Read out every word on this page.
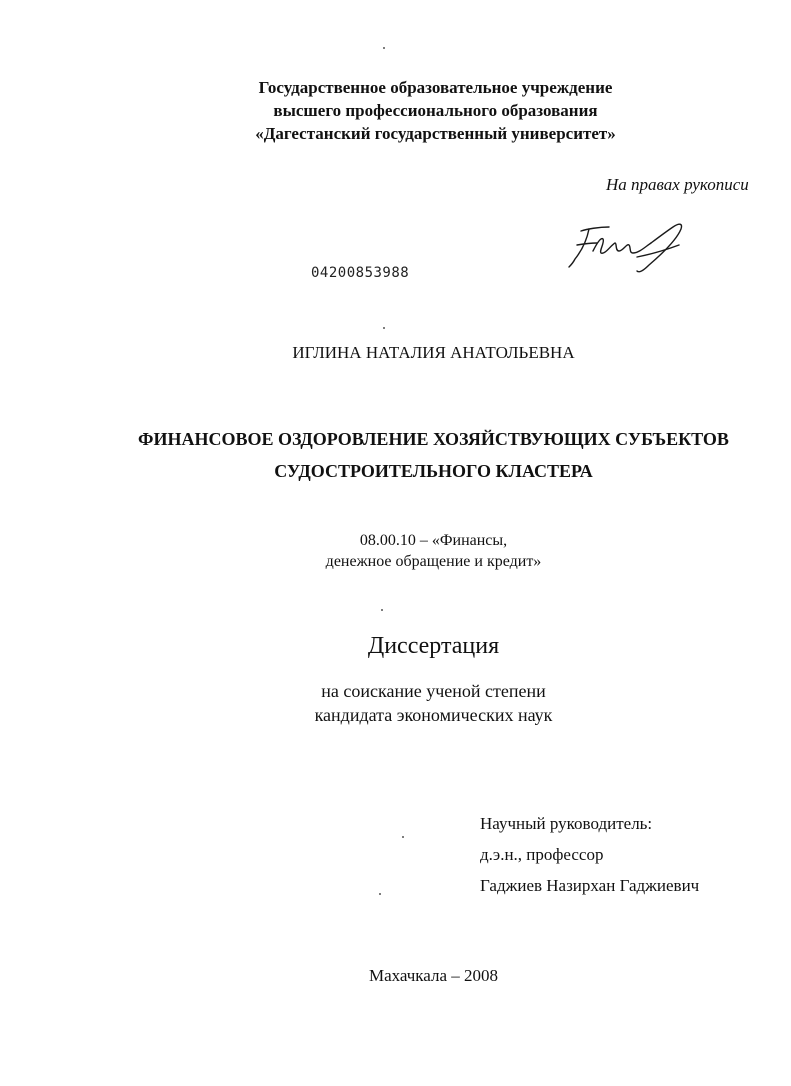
Государственное образовательное учреждение
высшего профессионального образования
«Дагестанский государственный университет»
На правах рукописи
04200853988
ИГЛИНА НАТАЛИЯ АНАТОЛЬЕВНА
ФИНАНСОВОЕ ОЗДОРОВЛЕНИЕ ХОЗЯЙСТВУЮЩИХ СУБЪЕКТОВ
СУДОСТРОИТЕЛЬНОГО КЛАСТЕРА
08.00.10 – «Финансы,
денежное обращение и кредит»
Диссертация
на соискание ученой степени
кандидата экономических наук
Научный руководитель:
д.э.н., профессор
Гаджиев Назирхан Гаджиевич
Махачкала – 2008
